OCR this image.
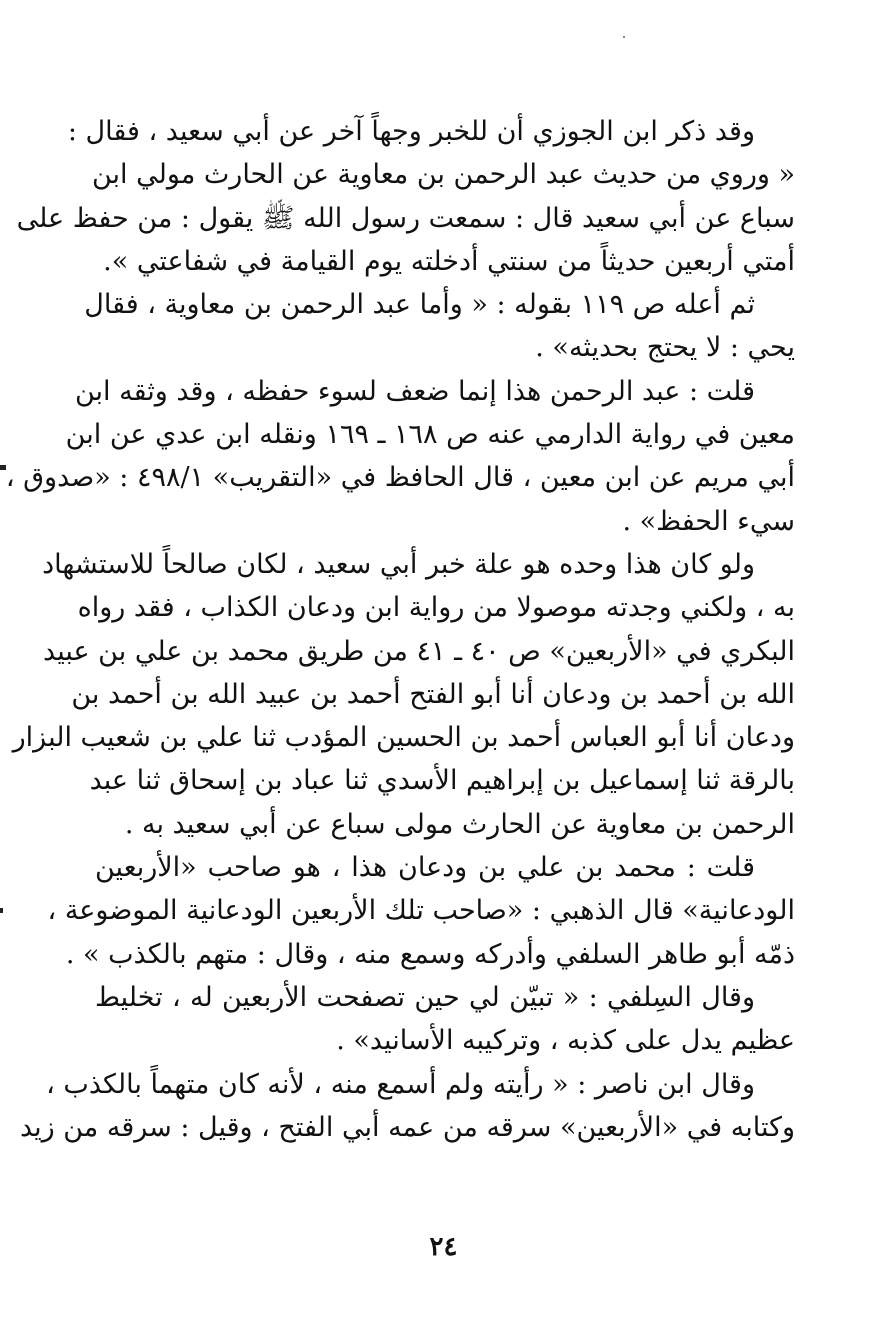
وقد ذكر ابن الجوزي أن للخبر وجهاً آخر عن أبي سعيد ، فقال :
« وروي من حديث عبد الرحمن بن معاوية عن الحارث مولي ابن
سباع عن أبي سعيد قال : سمعت رسول الله ﷺ يقول : من حفظ على
أمتي أربعين حديثاً من سنتي أدخلته يوم القيامة في شفاعتي ».
ثم أعله ص ١١٩ بقوله : « وأما عبد الرحمن بن معاوية ، فقال
يحي : لا يحتج بحديثه» .
قلت : عبد الرحمن هذا إنما ضعف لسوء حفظه ، وقد وثقه ابن
معين في رواية الدارمي عنه ص ١٦٨ ـ ١٦٩ ونقله ابن عدي عن ابن
أبي مريم عن ابن معين ، قال الحافظ في «التقريب» ٤٩٨/١ : «صدوق ،
سيء الحفظ» .
ولو كان هذا وحده هو علة خبر أبي سعيد ، لكان صالحاً للاستشهاد
به ، ولكني وجدته موصولا من رواية ابن ودعان الكذاب ، فقد رواه
البكري في «الأربعين» ص ٤٠ ـ ٤١ من طريق محمد بن علي بن عبيد
الله بن أحمد بن ودعان أنا أبو الفتح أحمد بن عبيد الله بن أحمد بن
ودعان أنا أبو العباس أحمد بن الحسين المؤدب ثنا علي بن شعيب البزار
بالرقة ثنا إسماعيل بن إبراهيم الأسدي ثنا عباد بن إسحاق ثنا عبد
الرحمن بن معاوية عن الحارث مولى سباع عن أبي سعيد به .
قلت : محمد بن علي بن ودعان هذا ، هو صاحب «الأربعين
الودعانية» قال الذهبي : «صاحب تلك الأربعين الودعانية الموضوعة ،
ذمّه أبو طاهر السلفي وأدركه وسمع منه ، وقال : متهم بالكذب » .
وقال السِلفي : « تبيّن لي حين تصفحت الأربعين له ، تخليط
عظيم يدل على كذبه ، وتركيبه الأسانيد» .
وقال ابن ناصر : « رأيته ولم أسمع منه ، لأنه كان متهماً بالكذب ،
وكتابه في «الأربعين» سرقه من عمه أبي الفتح ، وقيل : سرقه من زيد
٢٤
